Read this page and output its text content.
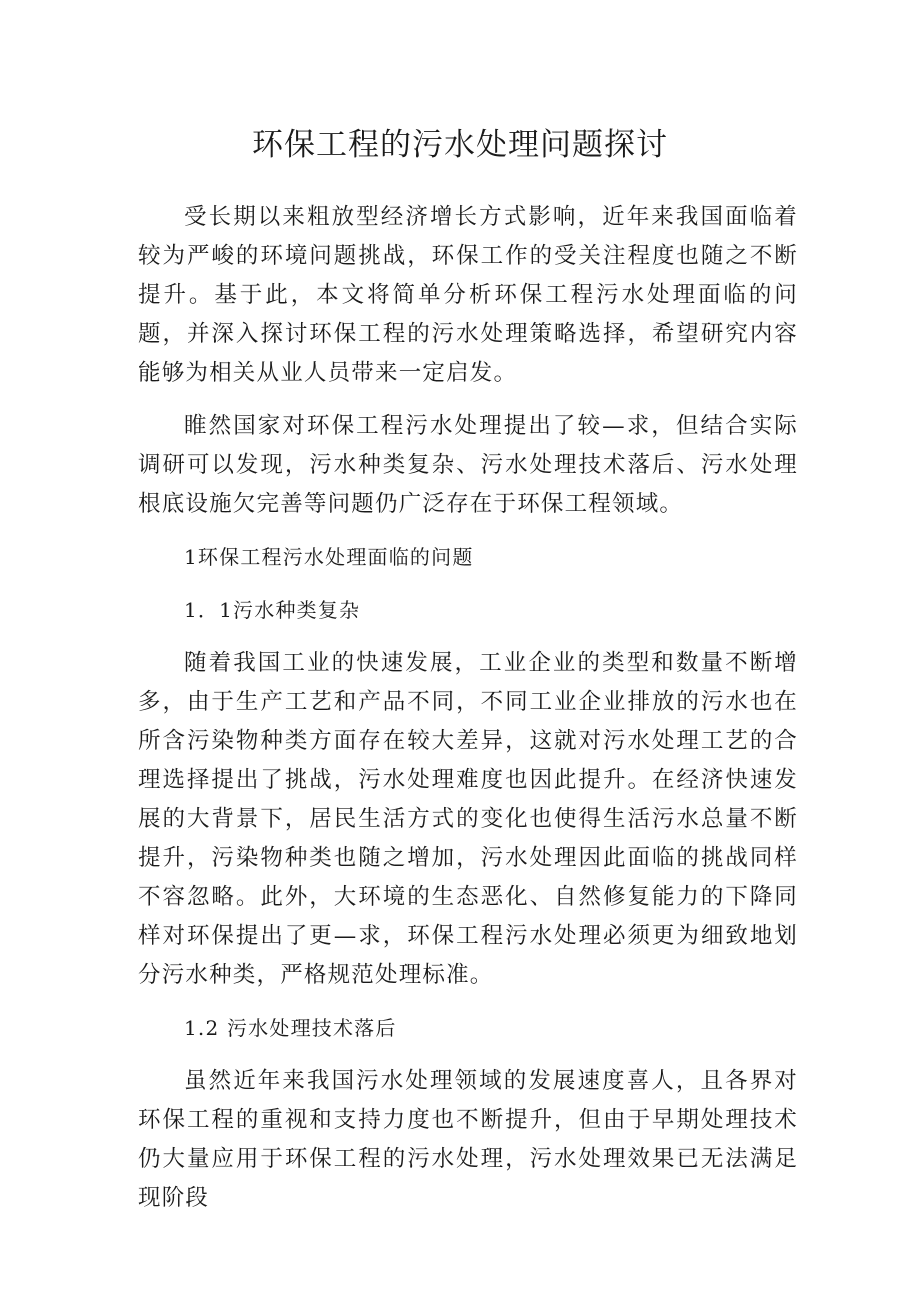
环保工程的污水处理问题探讨

受长期以来粗放型经济增长方式影响，近年来我国面临着较为严峻的环境问题挑战，环保工作的受关注程度也随之不断提升。基于此，本文将简单分析环保工程污水处理面临的问题，并深入探讨环保工程的污水处理策略选择，希望研究内容能够为相关从业人员带来一定启发。

睢然国家对环保工程污水处理提出了较—求，但结合实际调研可以发现，污水种类复杂、污水处理技术落后、污水处理根底设施欠完善等问题仍广泛存在于环保工程领域。

1环保工程污水处理面临的问题

1．1污水种类复杂

随着我国工业的快速发展，工业企业的类型和数量不断增多，由于生产工艺和产品不同，不同工业企业排放的污水也在所含污染物种类方面存在较大差异，这就对污水处理工艺的合理选择提出了挑战，污水处理难度也因此提升。在经济快速发展的大背景下，居民生活方式的变化也使得生活污水总量不断提升，污染物种类也随之增加，污水处理因此面临的挑战同样不容忽略。此外，大环境的生态恶化、自然修复能力的下降同样对环保提出了更—求，环保工程污水处理必须更为细致地划分污水种类，严格规范处理标准。

1.2 污水处理技术落后

虽然近年来我国污水处理领域的发展速度喜人，且各界对环保工程的重视和支持力度也不断提升，但由于早期处理技术仍大量应用于环保工程的污水处理，污水处理效果已无法满足现阶段
